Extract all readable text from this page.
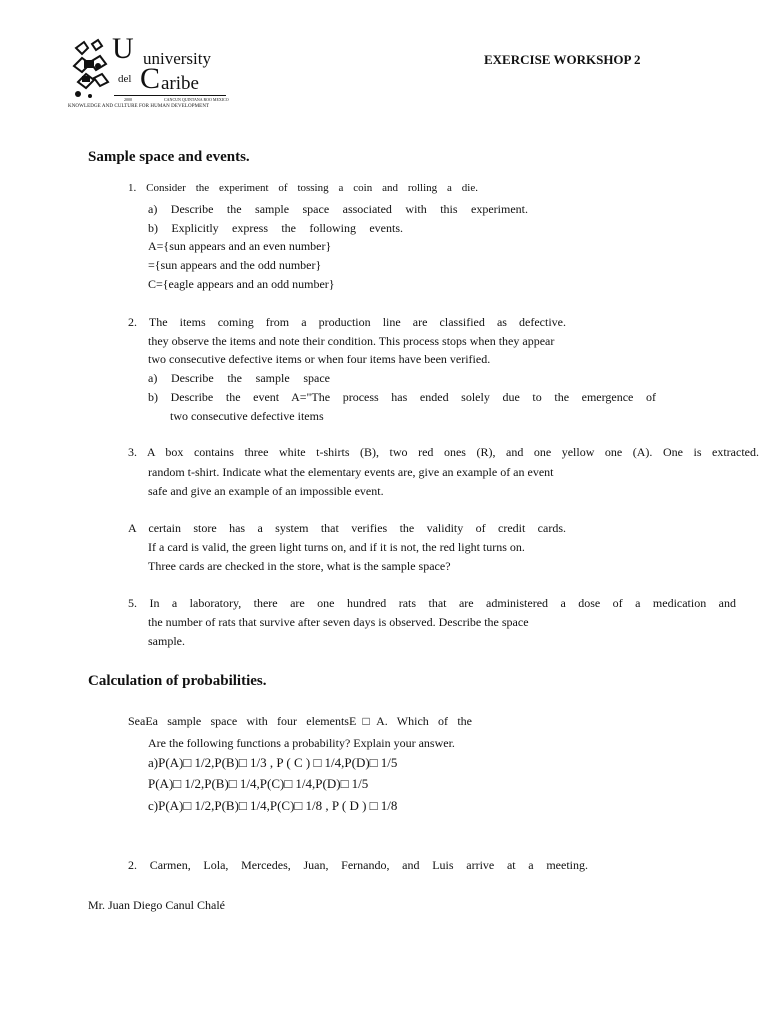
U university
del C aribe
2000	CANCUN QUINTANA ROO MEXICO
KNOWLEDGE AND CULTURE FOR HUMAN DEVELOPMENT
EXERCISE WORKSHOP 2
Sample space and events.
1. Consider the experiment of tossing a coin and rolling a die.
a) Describe the sample space associated with this experiment.
b) Explicitly express the following events.
A={sun appears and an even number}
={sun appears and the odd number}
C={eagle appears and an odd number}
2. The items coming from a production line are classified as defective.
they observe the items and note their condition. This process stops when they appear
two consecutive defective items or when four items have been verified.
a) Describe the sample space
b) Describe the event A="The process has ended solely due to the emergence of
two consecutive defective items
3. A box contains three white t-shirts (B), two red ones (R), and one yellow one (A). One is extracted.
random t-shirt. Indicate what the elementary events are, give an example of an event
safe and give an example of an impossible event.
A certain store has a system that verifies the validity of credit cards.
If a card is valid, the green light turns on, and if it is not, the red light turns on.
Three cards are checked in the store, what is the sample space?
5. In a laboratory, there are one hundred rats that are administered a dose of a medication and
the number of rats that survive after seven days is observed. Describe the space
sample.
Calculation of probabilities.
SeaEa sample space with four elementsE□A. Which of the
Are the following functions a probability? Explain your answer.
a)P(A)□ 1/2,P(B)□ 1/3 , P ( C ) □ 1/4,P(D)□ 1/5
P(A)□ 1/2,P(B)□ 1/4,P(C)□ 1/4,P(D)□ 1/5
c)P(A)□ 1/2,P(B)□ 1/4,P(C)□ 1/8 , P ( D ) □ 1/8
2. Carmen, Lola, Mercedes, Juan, Fernando, and Luis arrive at a meeting.
Mr. Juan Diego Canul Chalé
